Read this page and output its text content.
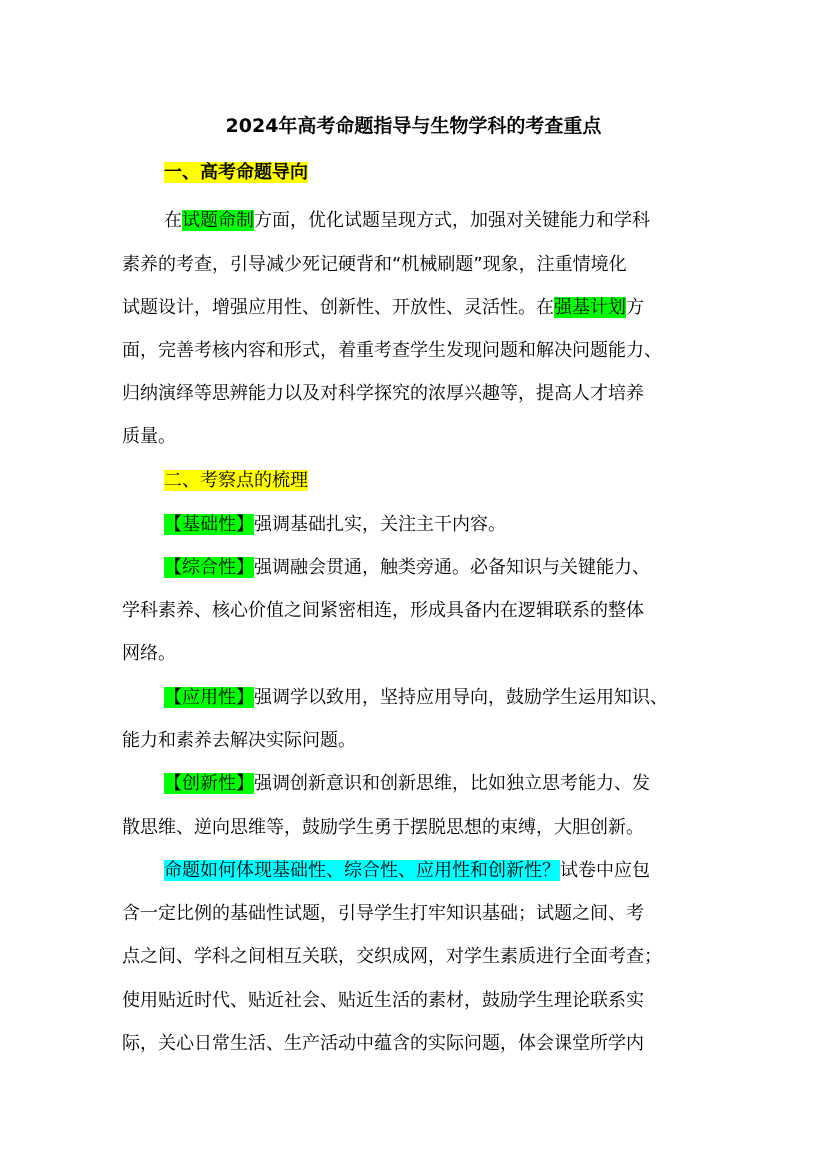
2024年高考命题指导与生物学科的考查重点
一、高考命题导向
在试题命制方面，优化试题呈现方式，加强对关键能力和学科
素养的考查，引导减少死记硬背和“机械刷题”现象，注重情境化
试题设计，增强应用性、创新性、开放性、灵活性。在强基计划方
面，完善考核内容和形式，着重考查学生发现问题和解决问题能力、
归纳演绎等思辨能力以及对科学探究的浓厚兴趣等，提高人才培养
质量。
二、考察点的梳理
【基础性】强调基础扎实，关注主干内容。
【综合性】强调融会贯通，触类旁通。必备知识与关键能力、
学科素养、核心价值之间紧密相连，形成具备内在逻辑联系的整体
网络。
【应用性】强调学以致用，坚持应用导向，鼓励学生运用知识、
能力和素养去解决实际问题。
【创新性】强调创新意识和创新思维，比如独立思考能力、发
散思维、逆向思维等，鼓励学生勇于摆脱思想的束缚，大胆创新。
命题如何体现基础性、综合性、应用性和创新性？试卷中应包
含一定比例的基础性试题，引导学生打牢知识基础；试题之间、考
点之间、学科之间相互关联，交织成网，对学生素质进行全面考查；
使用贴近时代、贴近社会、贴近生活的素材，鼓励学生理论联系实
际，关心日常生活、生产活动中蕴含的实际问题，体会课堂所学内
